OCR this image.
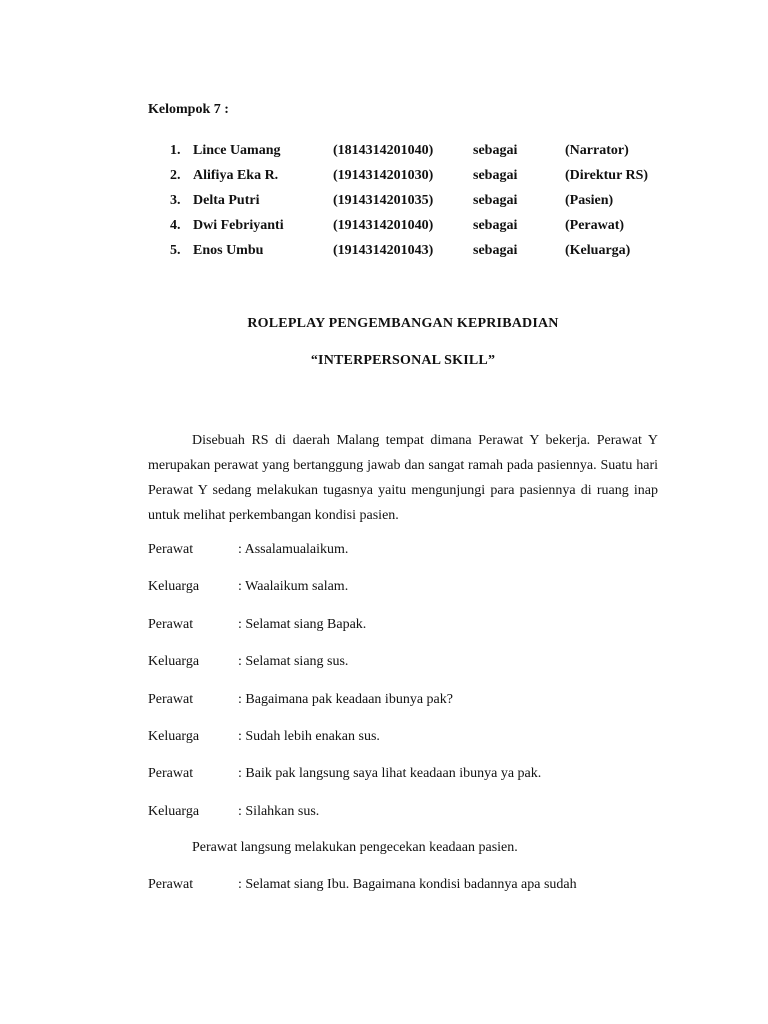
Kelompok 7 :
1. Lince Uamang	(1814314201040)	sebagai	(Narrator)
2. Alifiya Eka R.	(1914314201030)	sebagai	(Direktur RS)
3. Delta Putri	(1914314201035)	sebagai	(Pasien)
4. Dwi Febriyanti	(1914314201040)	sebagai	(Perawat)
5. Enos Umbu	(1914314201043)	sebagai	(Keluarga)
ROLEPLAY PENGEMBANGAN KEPRIBADIAN
“INTERPERSONAL SKILL”
Disebuah RS di daerah Malang tempat dimana Perawat Y bekerja. Perawat Y merupakan perawat yang bertanggung jawab dan sangat ramah pada pasiennya. Suatu hari Perawat Y sedang melakukan tugasnya yaitu mengunjungi para pasiennya di ruang inap untuk melihat perkembangan kondisi pasien.
Perawat	: Assalamualaikum.
Keluarga	: Waalaikum salam.
Perawat	: Selamat siang Bapak.
Keluarga	: Selamat siang sus.
Perawat	: Bagaimana pak keadaan ibunya pak?
Keluarga	: Sudah lebih enakan sus.
Perawat	: Baik pak langsung saya lihat keadaan ibunya ya pak.
Keluarga	: Silahkan sus.
Perawat langsung melakukan pengecekan keadaan pasien.
Perawat	: Selamat siang Ibu. Bagaimana kondisi badannya apa sudah
